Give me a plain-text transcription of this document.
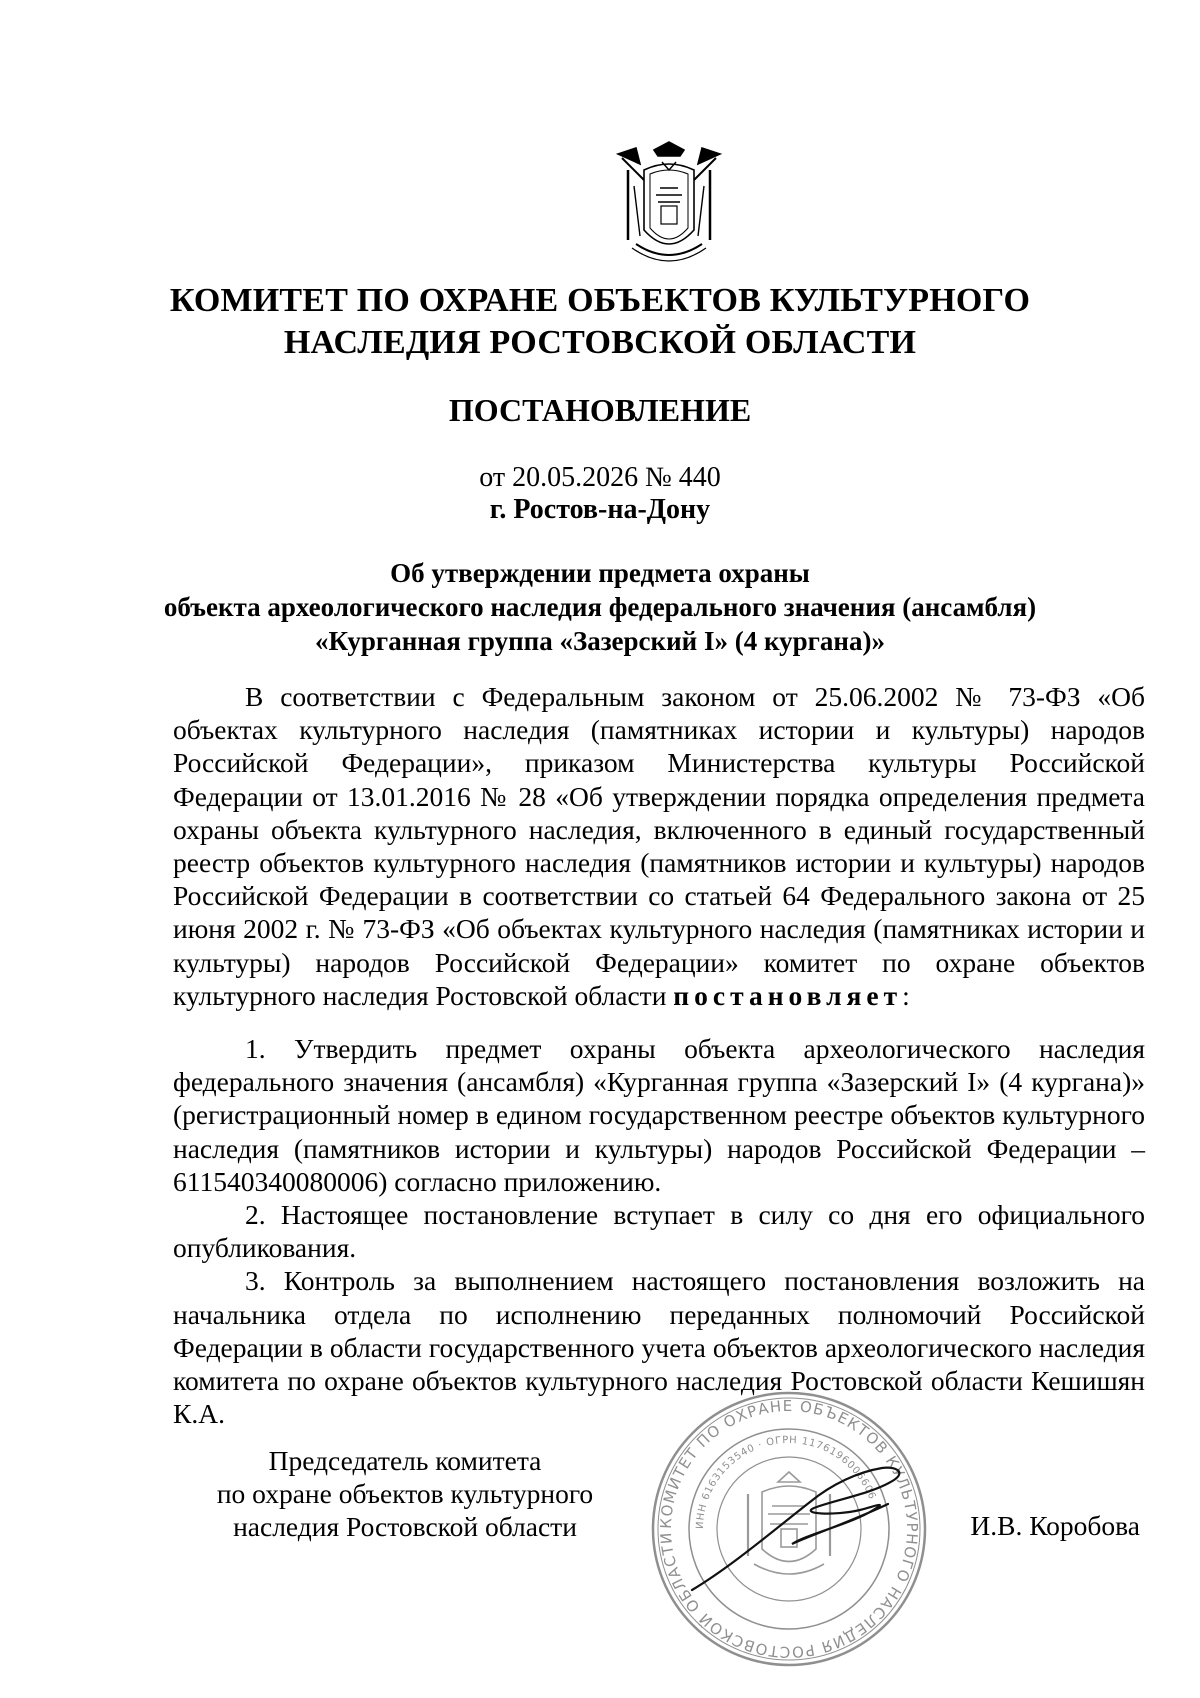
КОМИТЕТ ПО ОХРАНЕ ОБЪЕКТОВ КУЛЬТУРНОГО
НАСЛЕДИЯ РОСТОВСКОЙ ОБЛАСТИ
ПОСТАНОВЛЕНИЕ
от 20.05.2026 № 440
г. Ростов-на-Дону
Об утверждении предмета охраны
объекта археологического наследия федерального значения (ансамбля)
«Курганная группа «Зазерский I» (4 кургана)»

В соответствии с Федеральным законом от 25.06.2002 № 73-ФЗ «Об объектах культурного наследия (памятниках истории и культуры) народов Российской Федерации», приказом Министерства культуры Российской Федерации от 13.01.2016 № 28 «Об утверждении порядка определения предмета охраны объекта культурного наследия, включенного в единый государственный реестр объектов культурного наследия (памятников истории и культуры) народов Российской Федерации в соответствии со статьей 64 Федерального закона от 25 июня 2002 г. № 73-ФЗ «Об объектах культурного наследия (памятниках истории и культуры) народов Российской Федерации» комитет по охране объектов культурного наследия Ростовской области постановляет:

1. Утвердить предмет охраны объекта археологического наследия федерального значения (ансамбля) «Курганная группа «Зазерский I» (4 кургана)» (регистрационный номер в едином государственном реестре объектов культурного наследия (памятников истории и культуры) народов Российской Федерации – 611540340080006) согласно приложению.

2. Настоящее постановление вступает в силу со дня его официального опубликования.

3. Контроль за выполнением настоящего постановления возложить на начальника отдела по исполнению переданных полномочий Российской Федерации в области государственного учета объектов археологического наследия комитета по охране объектов культурного наследия Ростовской области Кешишян К.А.

Председатель комитета
по охране объектов культурного
наследия Ростовской области	КОМИТЕТ ПО ОХРАНЕ ОБЪЕКТОВ КУЛЬТУРНОГО НАСЛЕДИЯ РОСТОВСКОЙ ОБЛАСТИ
ИНН 6163153540 · ОГРН 1176196006606
И.В. Коробова
